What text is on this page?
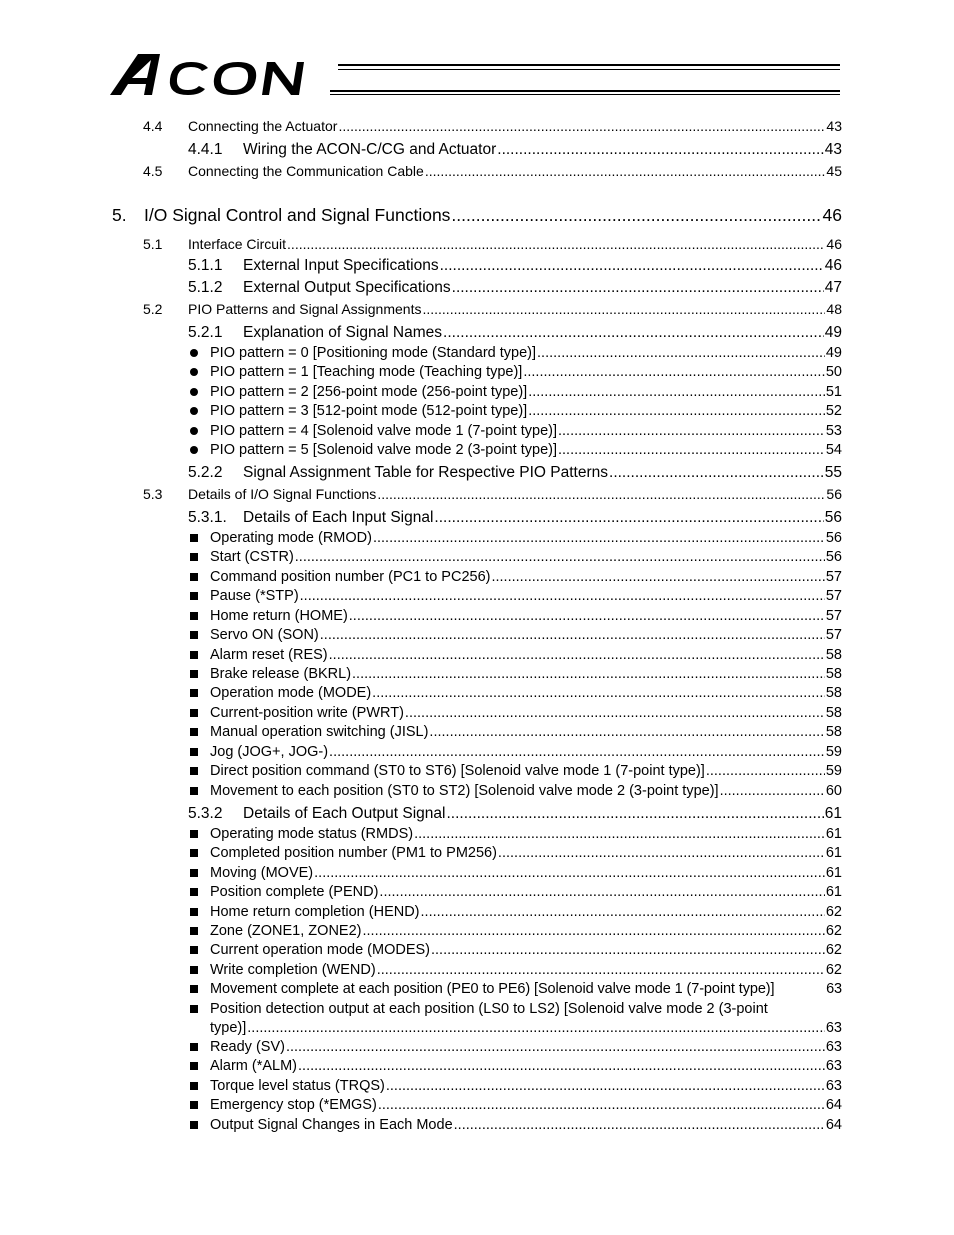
4.4	Connecting the Actuator .....	43
4.4.1 Wiring the ACON-C/CG and Actuator .....	43
4.5	Connecting the Communication Cable .....	45
5. I/O Signal Control and Signal Functions .....	46
5.1	Interface Circuit .....	46
5.1.1 External Input Specifications .....	46
5.1.2 External Output Specifications .....	47
5.2	PIO Patterns and Signal Assignments .....	48
5.2.1 Explanation of Signal Names .....	49
PIO pattern = 0 [Positioning mode (Standard type)] .....	49
PIO pattern = 1 [Teaching mode (Teaching type)] .....	50
PIO pattern = 2 [256-point mode (256-point type)] .....	51
PIO pattern = 3 [512-point mode (512-point type)] .....	52
PIO pattern = 4 [Solenoid valve mode 1 (7-point type)] .....	53
PIO pattern = 5 [Solenoid valve mode 2 (3-point type)] .....	54
5.2.2 Signal Assignment Table for Respective PIO Patterns .....	55
5.3	Details of I/O Signal Functions .....	56
5.3.1. Details of Each Input Signal .....	56
Operating mode (RMOD) .....	56
Start (CSTR) .....	56
Command position number (PC1 to PC256) .....	57
Pause (*STP) .....	57
Home return (HOME) .....	57
Servo ON (SON) .....	57
Alarm reset (RES) .....	58
Brake release (BKRL) .....	58
Operation mode (MODE) .....	58
Current-position write (PWRT) .....	58
Manual operation switching (JISL) .....	58
Jog (JOG+, JOG-) .....	59
Direct position command (ST0 to ST6) [Solenoid valve mode 1 (7-point type)] .....	59
Movement to each position (ST0 to ST2) [Solenoid valve mode 2 (3-point type)] .....	60
5.3.2 Details of Each Output Signal .....	61
Operating mode status (RMDS) .....	61
Completed position number (PM1 to PM256) .....	61
Moving (MOVE) .....	61
Position complete (PEND) .....	61
Home return completion (HEND) .....	62
Zone (ZONE1, ZONE2) .....	62
Current operation mode (MODES) .....	62
Write completion (WEND) .....	62
Movement complete at each position (PE0 to PE6) [Solenoid valve mode 1 (7-point type)]	63
Position detection output at each position (LS0 to LS2) [Solenoid valve mode 2 (3-point
type)] .....	63
Ready (SV) .....	63
Alarm (*ALM) .....	63
Torque level status (TRQS) .....	63
Emergency stop (*EMGS) .....	64
Output Signal Changes in Each Mode .....	64
